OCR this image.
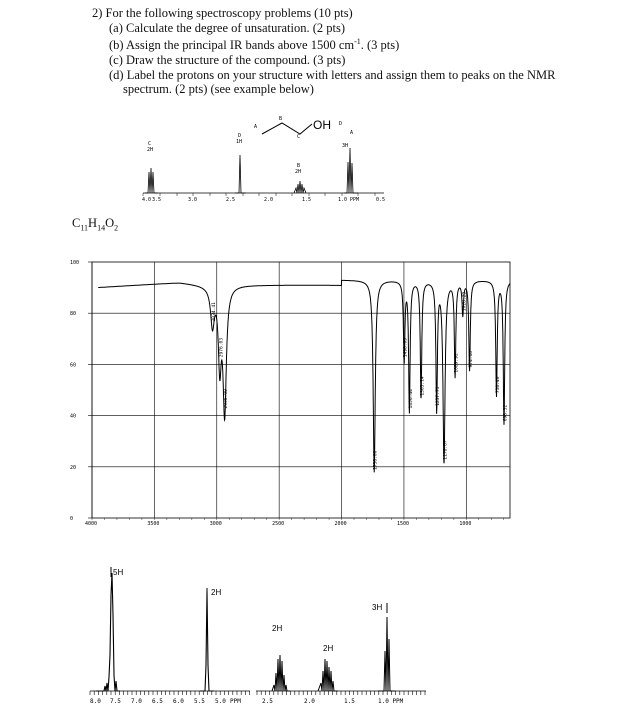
2) For the following spectroscopy problems (10 pts)
(a) Calculate the degree of unsaturation. (2 pts)
(b) Assign the principal IR bands above 1500 $cm^{-1}$. (3 pts)
(c) Draw the structure of the compound. (3 pts)
(d) Label the protons on your structure with letters and assign them to peaks on the NMR
spectrum. (2 pts) (see example below)
OH
A
B
C
D
C
2H
D
1H
B
2H
A
3H
4.0 3.5	3.0	2.5	2.0	1.5	1.0 PPM	0.5
$C_{11}H_{14}O_2$
100
80
60
40
20
0
4000	3500	3000	2500	2000	1500	1000
3034.41
2976.03
2936.90
1738.00
1498.09
1456.44
1363.14
1237.75
1178.87
1089.92
1028.29
974.18
758.40
698.32
5H
2H
2H
2H
3H
8.0 7.5 7.0 6.5 6.0 5.5 5.0 PPM	2.5	2.0	1.5	1.0 PPM
